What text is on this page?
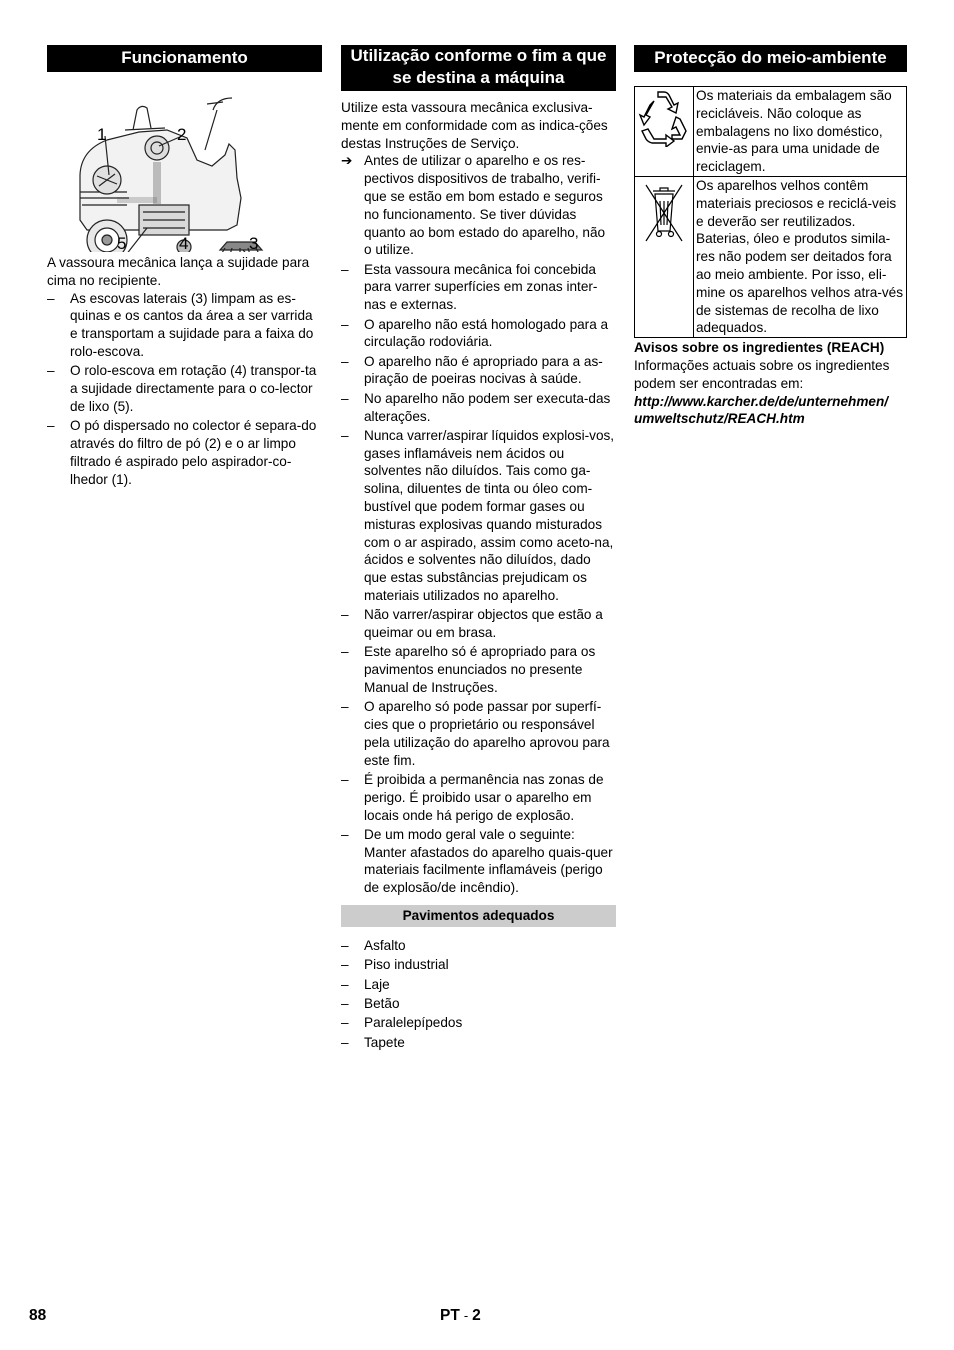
Funcionamento
1	2
5	4	3

A vassoura mecânica lança a sujidade para cima no recipiente.

– As escovas laterais (3) limpam as es-quinas e os cantos da área a ser varrida e transportam a sujidade para a faixa do rolo-escova.
– O rolo-escova em rotação (4) transpor-ta a sujidade directamente para o co-lector de lixo (5).
– O pó dispersado no colector é separa-do através do filtro de pó (2) e o ar limpo filtrado é aspirado pelo aspirador-co-lhedor (1).
Utilização conforme o fim a que se destina a máquina

Utilize esta vassoura mecânica exclusiva-mente em conformidade com as indica-ções destas Instruções de Serviço.

➔ Antes de utilizar o aparelho e os res-pectivos dispositivos de trabalho, verifi-que se estão em bom estado e seguros no funcionamento. Se tiver dúvidas quanto ao bom estado do aparelho, não o utilize.
– Esta vassoura mecânica foi concebida para varrer superfícies em zonas inter-nas e externas.
– O aparelho não está homologado para a circulação rodoviária.
– O aparelho não é apropriado para a as-piração de poeiras nocivas à saúde.
– No aparelho não podem ser executa-das alterações.
– Nunca varrer/aspirar líquidos explosi-vos, gases inflamáveis nem ácidos ou solventes não diluídos. Tais como ga-solina, diluentes de tinta ou óleo com-bustível que podem formar gases ou misturas explosivas quando misturados com o ar aspirado, assim como aceto-na, ácidos e solventes não diluídos, dado que estas substâncias prejudicam os materiais utilizados no aparelho.
– Não varrer/aspirar objectos que estão a queimar ou em brasa.
– Este aparelho só é apropriado para os pavimentos enunciados no presente Manual de Instruções.
– O aparelho só pode passar por superfí-cies que o proprietário ou responsável pela utilização do aparelho aprovou para este fim.
– É proibida a permanência nas zonas de perigo. É proibido usar o aparelho em locais onde há perigo de explosão.
– De um modo geral vale o seguinte: Manter afastados do aparelho quais-quer materiais facilmente inflamáveis (perigo de explosão/de incêndio).
Pavimentos adequados
– Asfalto
– Piso industrial
– Laje
– Betão
– Paralelepípedos
– Tapete
Protecção do meio-ambiente
	Os materiais da embalagem são recicláveis. Não coloque as embalagens no lixo doméstico, envie-as para uma unidade de reciclagem.
	Os aparelhos velhos contêm materiais preciosos e reciclá-veis e deverão ser reutilizados. Baterias, óleo e produtos simila-res não podem ser deitados fora ao meio ambiente. Por isso, eli-mine os aparelhos velhos atra-vés de sistemas de recolha de lixo adequados.

Avisos sobre os ingredientes (REACH)

Informações actuais sobre os ingredientes podem ser encontradas em:

http://www.karcher.de/de/unternehmen/

umweltschutz/REACH.htm

88	PT - 2
